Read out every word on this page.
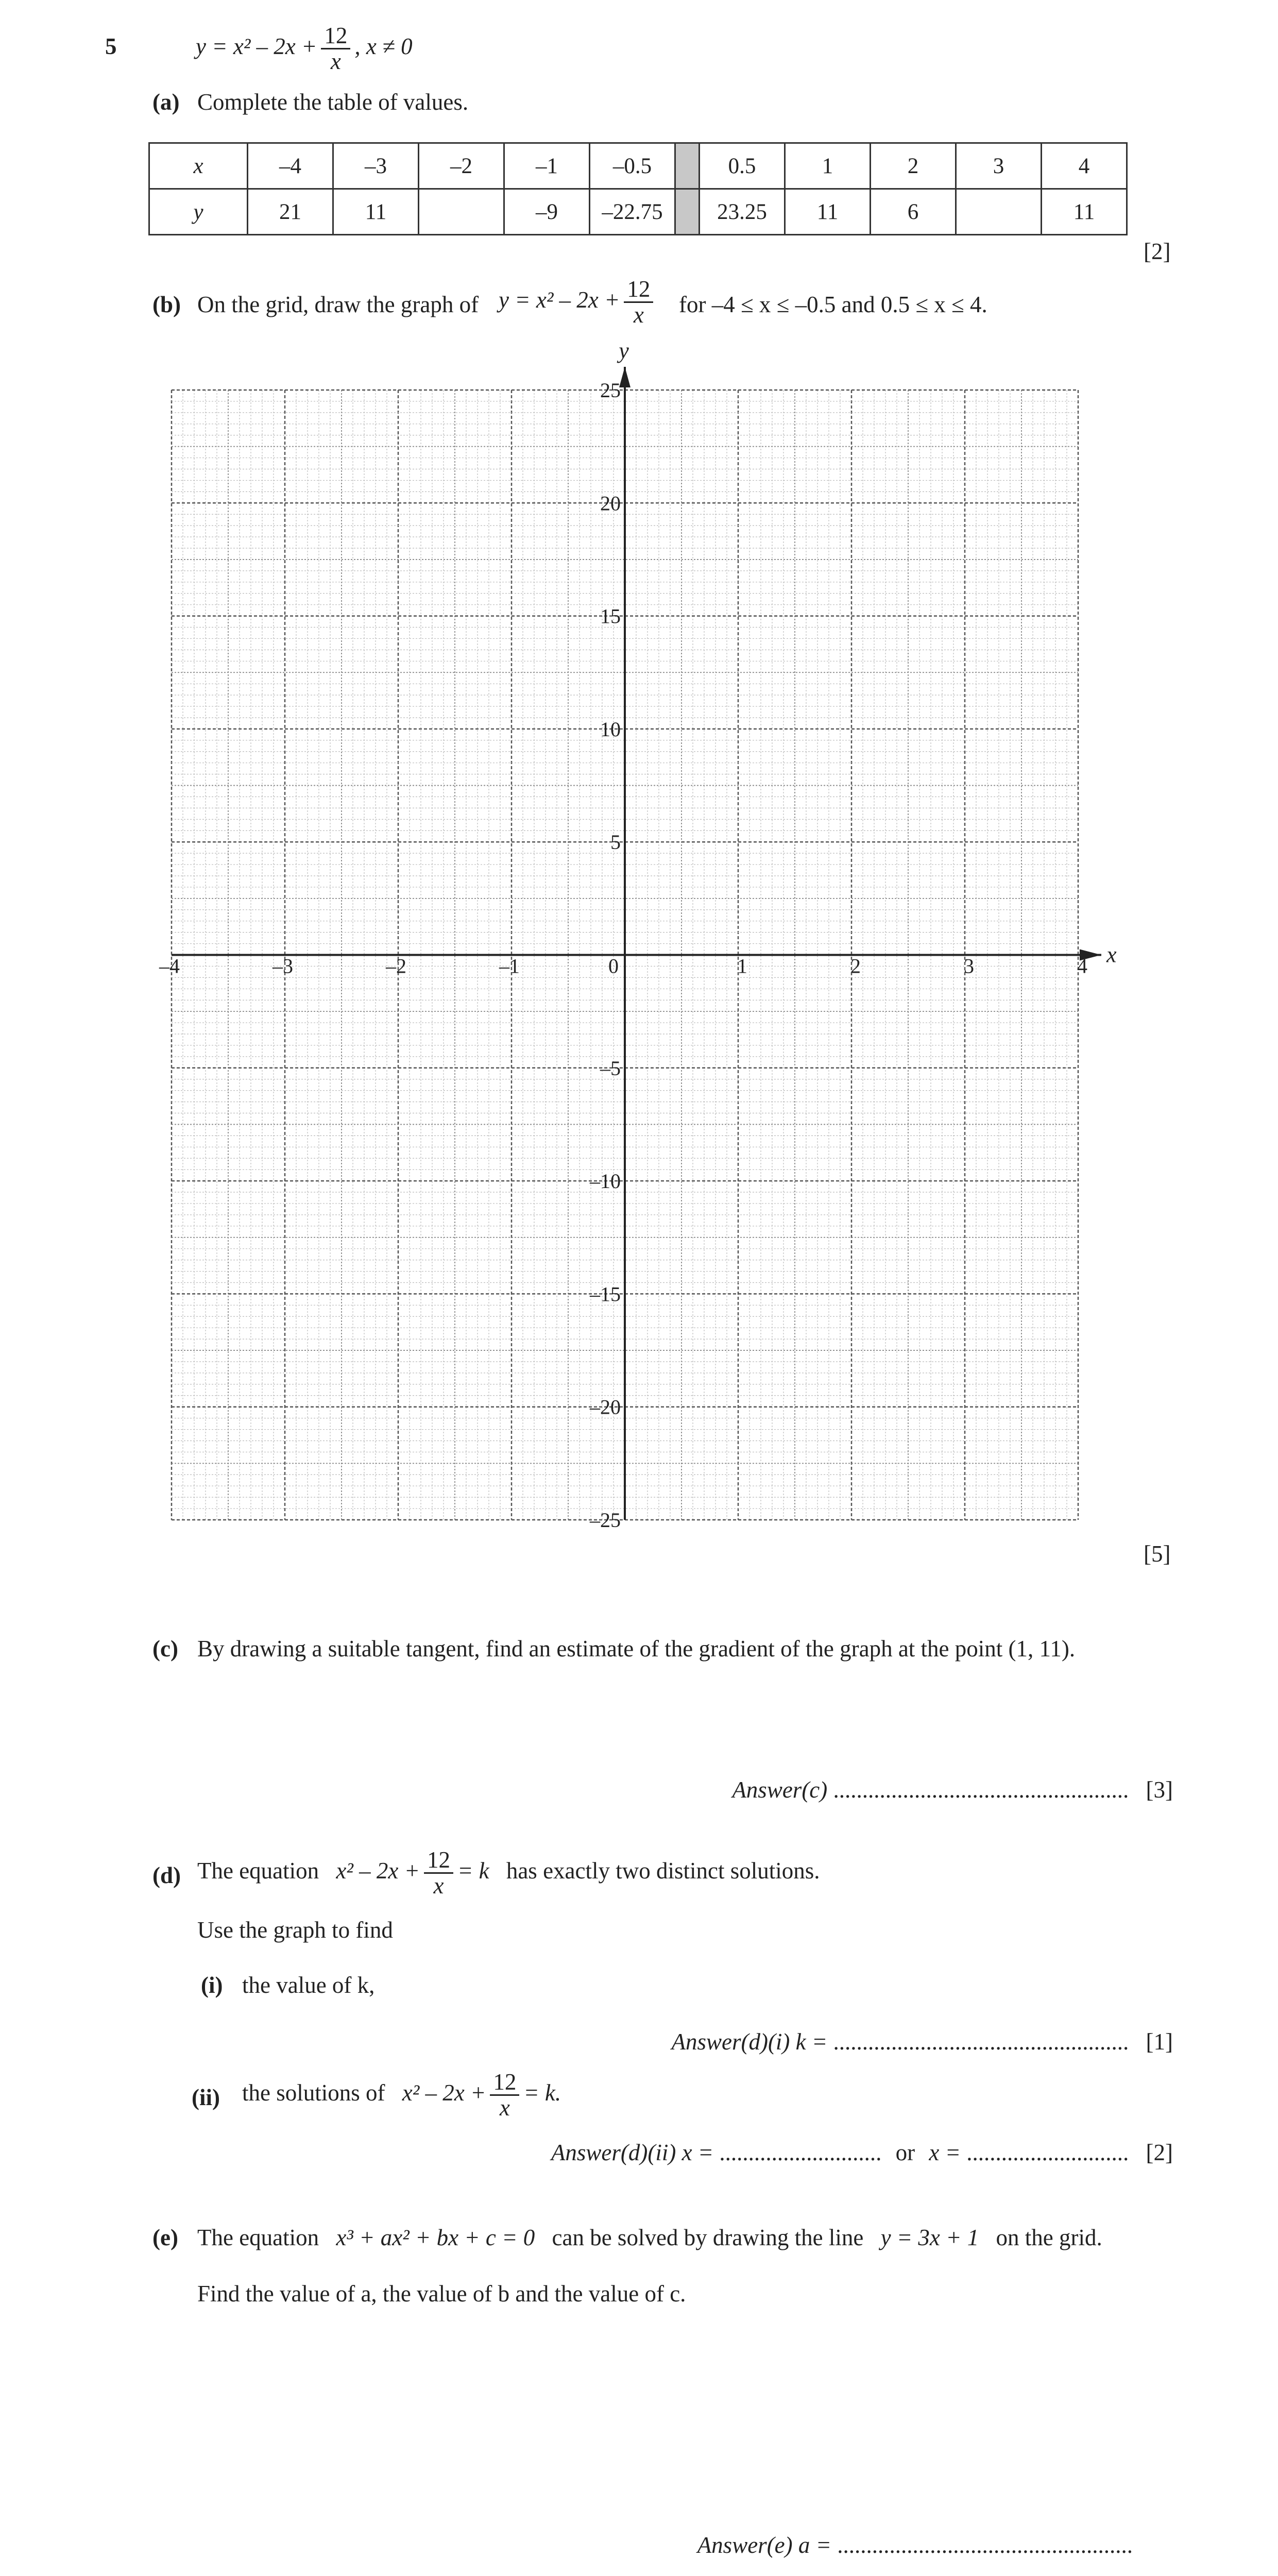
5	$y = x^2 - 2x + \frac{12}{x}$ , x ≠ 0
(a) Complete the table of values.
x	–4	–3	–2	–1	–0.5		0.5	1	2	3	4
y	21	11		–9	–22.75		23.25	11	6		11
[2]
(b) On the grid, draw the graph of $y = x^2 - 2x + \frac{12}{x}$ for –4 ≤ x ≤ –0.5 and 0.5 ≤ x ≤ 4.
y
x
–4	–3	–2	–1	0	1	2	3	4
25
20
15
10
5
–5
–10
–15
–20
–25
[5]
(c) By drawing a suitable tangent, find an estimate of the gradient of the graph at the point (1, 11).
Answer(c) ................................................... [3]
(d) The equation $x^2 - 2x + \frac{12}{x} = k$ has exactly two distinct solutions.
Use the graph to find
(i) the value of k,
Answer(d)(i) k = ................................................... [1]
(ii) the solutions of $x^2 - 2x + \frac{12}{x} = k$.
Answer(d)(ii) x = ............................ or x = ............................ [2]
(e) The equation x³ + ax² + bx + c = 0 can be solved by drawing the line y = 3x + 1 on the grid.
Find the value of a, the value of b and the value of c.
Answer(e) a = ...................................................
